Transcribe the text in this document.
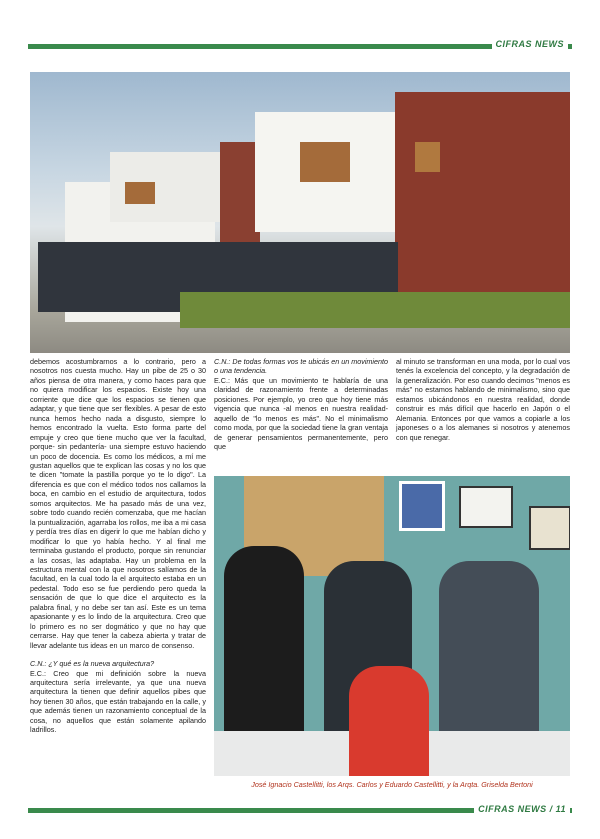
CIFRAS NEWS

debemos acostumbrarnos a lo contrario, pero a nosotros nos cuesta mucho. Hay un pibe de 25 o 30 años piensa de otra manera, y como haces para que no quiera modificar los espacios. Existe hoy una corriente que dice que los espacios se tienen que adaptar, y que tiene que ser flexibles. A pesar de esto nunca hemos hecho nada a disgusto, siempre lo hemos encontrado la vuelta. Esto forma parte del empuje y creo que tiene mucho que ver la facultad, porque- sin pedantería- una siempre estuvo haciendo un poco de docencia. Es como los médicos, a mí me gustan aquellos que te explican las cosas y no los que te dicen "tomate la pastilla porque yo te lo digo". La diferencia es que con el médico todos nos callamos la boca, en cambio en el estudio de arquitectura, todos somos arquitectos. Me ha pasado más de una vez, sobre todo cuando recién comenzaba, que me hacían la puntualización, agarraba los rollos, me iba a mi casa y perdía tres días en digerir lo que me habían dicho y modificar lo que yo había hecho. Y al final me terminaba gustando el producto, porque sin renunciar a las cosas, las adaptaba. Hay un problema en la estructura mental con la que nosotros salíamos de la facultad, en la cual todo la el arquitecto estaba en un pedestal. Todo eso se fue perdiendo pero queda la sensación de que lo que dice el arquitecto es la palabra final, y no debe ser tan así. Este es un tema apasionante y es lo lindo de la arquitectura. Creo que lo primero es no ser dogmático y que no hay que cerrarse. Hay que tener la cabeza abierta y tratar de llevar adelante tus ideas en un marco de consenso.

C.N.: ¿Y qué es la nueva arquitectura?

E.C.: Creo que mi definición sobre la nueva arquitectura sería irrelevante, ya que una nueva arquitectura la tienen que definir aquellos pibes que hoy tienen 30 años, que están trabajando en la calle, y que además tienen un razonamiento conceptual de la cosa, no aquellos que están solamente apilando ladrillos.

C.N.: De todas formas vos te ubicás en un movimiento o una tendencia.

E.C.: Más que un movimiento te hablaría de una claridad de razonamiento frente a determinadas posiciones. Por ejemplo, yo creo que hoy tiene más vigencia que nunca -al menos en nuestra realidad- aquello de "lo menos es más". No el minimalismo como moda, por que la sociedad tiene la gran ventaja de generar pensamientos permanentemente, pero que

al minuto se transforman en una moda, por lo cual vos tenés la excelencia del concepto, y la degradación de la generalización. Por eso cuando decimos "menos es más" no estamos hablando de minimalismo, sino que estamos ubicándonos en nuestra realidad, donde construir es más difícil que hacerlo en Japón o el Alemania. Entonces por que vamos a copiarle a los japoneses o a los alemanes si nosotros y atenemos con que renegar.

José Ignacio Castellitti, los Arqs. Carlos y Eduardo Castellitti, y la Arqta. Griselda Bertoni
CIFRAS NEWS / 11
